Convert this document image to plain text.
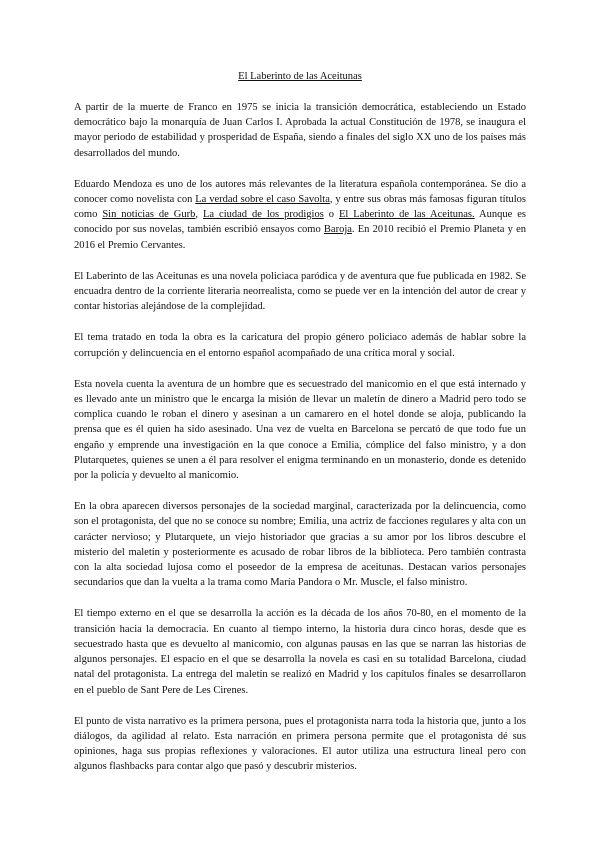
El Laberinto de las Aceitunas

A partir de la muerte de Franco en 1975 se inicia la transición democrática, estableciendo un Estado democrático bajo la monarquía de Juan Carlos I. Aprobada la actual Constitución de 1978, se inaugura el mayor periodo de estabilidad y prosperidad de España, siendo a finales del siglo XX uno de los países más desarrollados del mundo.

Eduardo Mendoza es uno de los autores más relevantes de la literatura española contemporánea. Se dio a conocer como novelista con La verdad sobre el caso Savolta, y entre sus obras más famosas figuran títulos como Sin noticias de Gurb, La ciudad de los prodigios o El Laberinto de las Aceitunas. Aunque es conocido por sus novelas, también escribió ensayos como Baroja. En 2010 recibió el Premio Planeta y en 2016 el Premio Cervantes.

El Laberinto de las Aceitunas es una novela policiaca paródica y de aventura que fue publicada en 1982. Se encuadra dentro de la corriente literaria neorrealista, como se puede ver en la intención del autor de crear y contar historias alejándose de la complejidad.

El tema tratado en toda la obra es la caricatura del propio género policiaco además de hablar sobre la corrupción y delincuencia en el entorno español acompañado de una crítica moral y social.

Esta novela cuenta la aventura de un hombre que es secuestrado del manicomio en el que está internado y es llevado ante un ministro que le encarga la misión de llevar un maletín de dinero a Madrid pero todo se complica cuando le roban el dinero y asesinan a un camarero en el hotel donde se aloja, publicando la prensa que es él quien ha sido asesinado. Una vez de vuelta en Barcelona se percató de que todo fue un engaño y emprende una investigación en la que conoce a Emilia, cómplice del falso ministro, y a don Plutarquetes, quienes se unen a él para resolver el enigma terminando en un monasterio, donde es detenido por la policía y devuelto al manicomio.

En la obra aparecen diversos personajes de la sociedad marginal, caracterizada por la delincuencia, como son el protagonista, del que no se conoce su nombre; Emilia, una actriz de facciones regulares y alta con un carácter nervioso; y Plutarquete, un viejo historiador que gracias a su amor por los libros descubre el misterio del maletín y posteriormente es acusado de robar libros de la biblioteca. Pero también contrasta con la alta sociedad lujosa como el poseedor de la empresa de aceitunas. Destacan varios personajes secundarios que dan la vuelta a la trama como María Pandora o Mr. Muscle, el falso ministro.

El tiempo externo en el que se desarrolla la acción es la década de los años 70-80, en el momento de la transición hacia la democracia. En cuanto al tiempo interno, la historia dura cinco horas, desde que es secuestrado hasta que es devuelto al manicomio, con algunas pausas en las que se narran las historias de algunos personajes. El espacio en el que se desarrolla la novela es casi en su totalidad Barcelona, ciudad natal del protagonista. La entrega del maletín se realizó en Madrid y los capítulos finales se desarrollaron en el pueblo de Sant Pere de Les Cirenes.

El punto de vista narrativo es la primera persona, pues el protagonista narra toda la historia que, junto a los diálogos, da agilidad al relato. Esta narración en primera persona permite que el protagonista dé sus opiniones, haga sus propias reflexiones y valoraciones. El autor utiliza una estructura lineal pero con algunos flashbacks para contar algo que pasó y descubrir misterios.
